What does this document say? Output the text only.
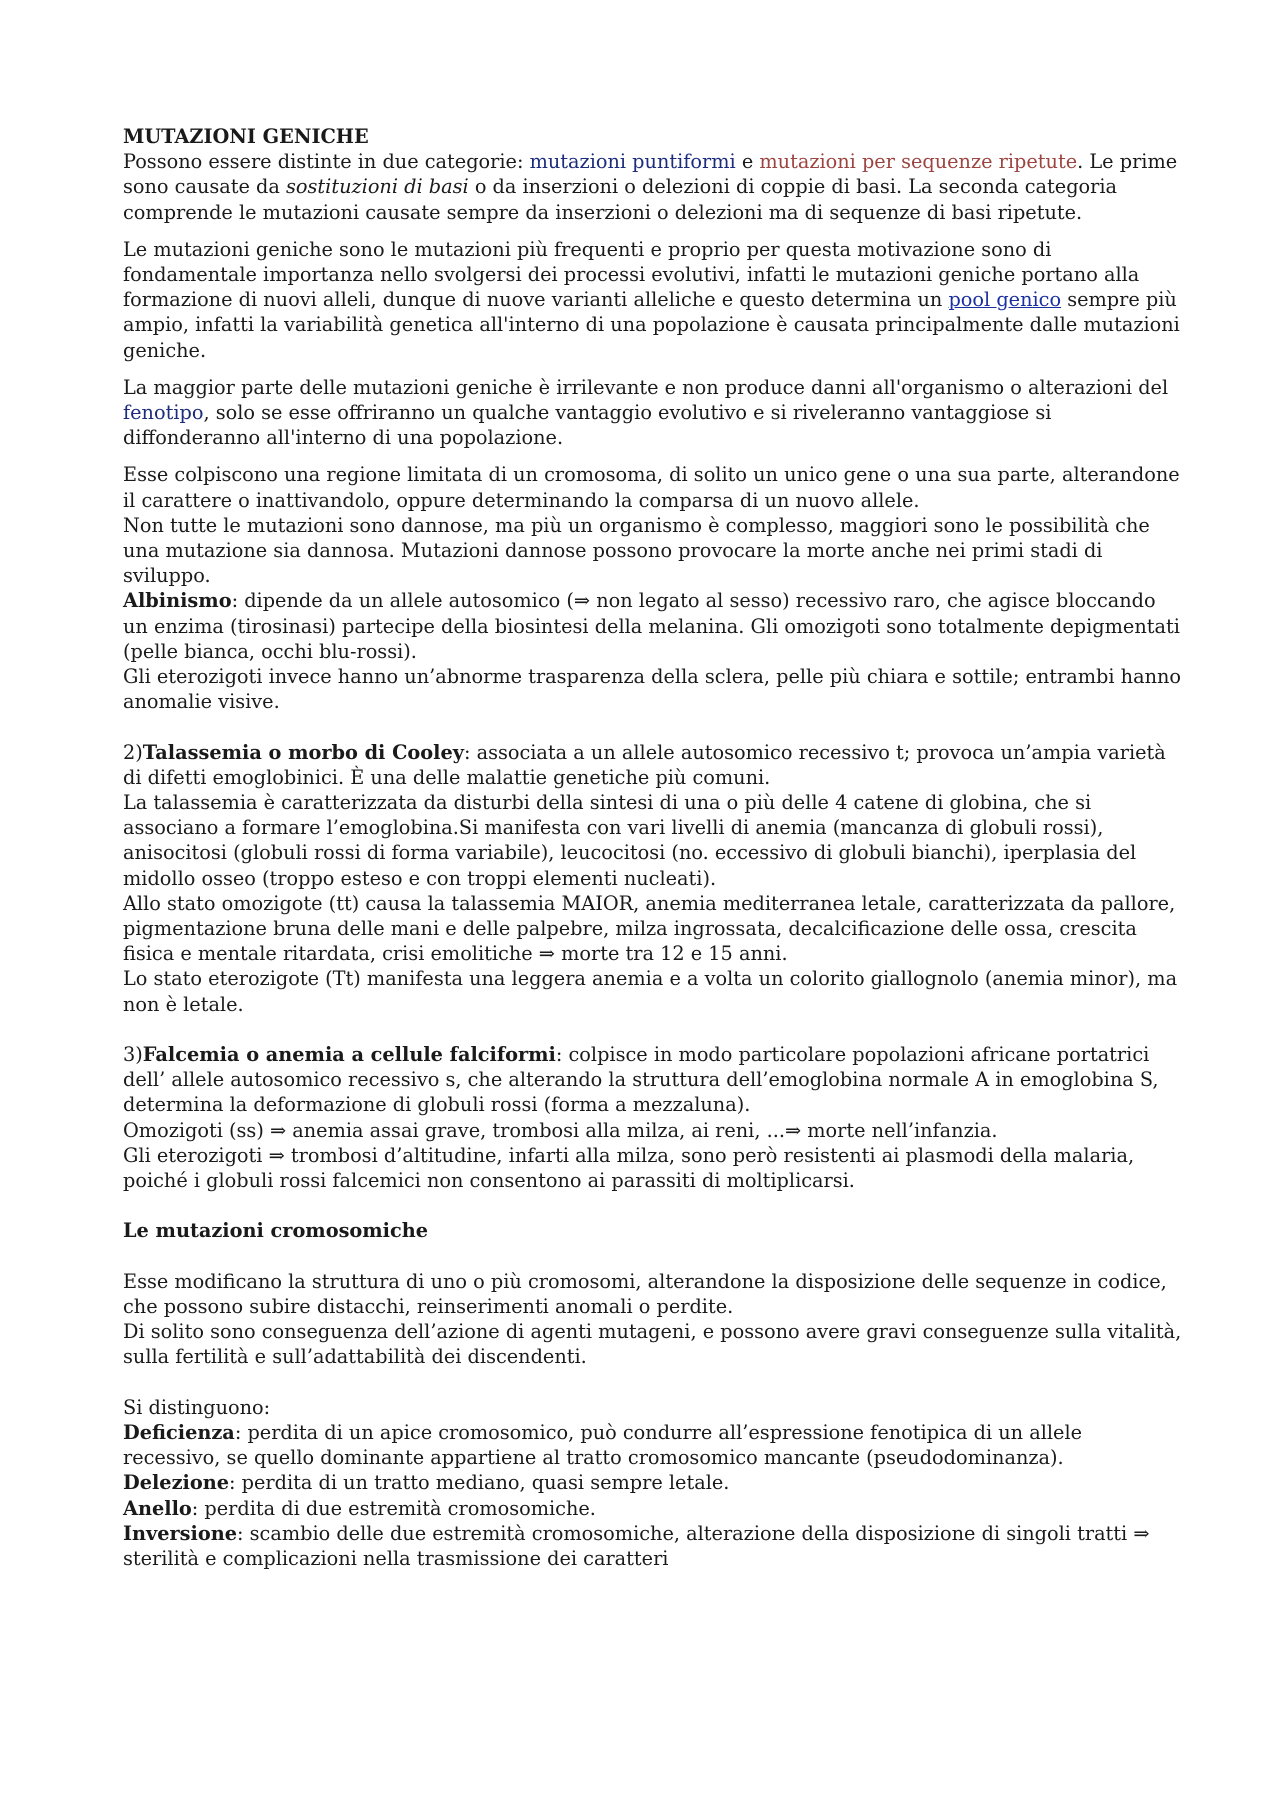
MUTAZIONI GENICHE

Possono essere distinte in due categorie: mutazioni puntiformi e mutazioni per sequenze ripetute. Le prime sono causate da sostituzioni di basi o da inserzioni o delezioni di coppie di basi. La seconda categoria comprende le mutazioni causate sempre da inserzioni o delezioni ma di sequenze di basi ripetute.

Le mutazioni geniche sono le mutazioni più frequenti e proprio per questa motivazione sono di fondamentale importanza nello svolgersi dei processi evolutivi, infatti le mutazioni geniche portano alla formazione di nuovi alleli, dunque di nuove varianti alleliche e questo determina un pool genico sempre più ampio, infatti la variabilità genetica all'interno di una popolazione è causata principalmente dalle mutazioni geniche.

La maggior parte delle mutazioni geniche è irrilevante e non produce danni all'organismo o alterazioni del fenotipo, solo se esse offriranno un qualche vantaggio evolutivo e si riveleranno vantaggiose si diffonderanno all'interno di una popolazione.

Esse colpiscono una regione limitata di un cromosoma, di solito un unico gene o una sua parte, alterandone il carattere o inattivandolo, oppure determinando la comparsa di un nuovo allele.

Non tutte le mutazioni sono dannose, ma più un organismo è complesso, maggiori sono le possibilità che una mutazione sia dannosa. Mutazioni dannose possono provocare la morte anche nei primi stadi di sviluppo.

Albinismo: dipende da un allele autosomico (⇒ non legato al sesso) recessivo raro, che agisce bloccando un enzima (tirosinasi) partecipe della biosintesi della melanina. Gli omozigoti sono totalmente depigmentati (pelle bianca, occhi blu-rossi).

Gli eterozigoti invece hanno un’abnorme trasparenza della sclera, pelle più chiara e sottile; entrambi hanno anomalie visive.

2)Talassemia o morbo di Cooley: associata a un allele autosomico recessivo t; provoca un’ampia varietà di difetti emoglobinici. È una delle malattie genetiche più comuni.

La talassemia è caratterizzata da disturbi della sintesi di una o più delle 4 catene di globina, che si associano a formare l’emoglobina.Si manifesta con vari livelli di anemia (mancanza di globuli rossi), anisocitosi (globuli rossi di forma variabile), leucocitosi (no. eccessivo di globuli bianchi), iperplasia del midollo osseo (troppo esteso e con troppi elementi nucleati).

Allo stato omozigote (tt) causa la talassemia MAIOR, anemia mediterranea letale, caratterizzata da pallore, pigmentazione bruna delle mani e delle palpebre, milza ingrossata, decalcificazione delle ossa, crescita fisica e mentale ritardata, crisi emolitiche ⇒ morte tra 12 e 15 anni.

Lo stato eterozigote (Tt) manifesta una leggera anemia e a volta un colorito giallognolo (anemia minor), ma non è letale.

3)Falcemia o anemia a cellule falciformi: colpisce in modo particolare popolazioni africane portatrici dell’ allele autosomico recessivo s, che alterando la struttura dell’emoglobina normale A in emoglobina S, determina la deformazione di globuli rossi (forma a mezzaluna).

Omozigoti (ss) ⇒ anemia assai grave, trombosi alla milza, ai reni, ...⇒ morte nell’infanzia.

Gli eterozigoti ⇒ trombosi d’altitudine, infarti alla milza, sono però resistenti ai plasmodi della malaria, poiché i globuli rossi falcemici non consentono ai parassiti di moltiplicarsi.

Le mutazioni cromosomiche

Esse modificano la struttura di uno o più cromosomi, alterandone la disposizione delle sequenze in codice, che possono subire distacchi, reinserimenti anomali o perdite.

Di solito sono conseguenza dell’azione di agenti mutageni, e possono avere gravi conseguenze sulla vitalità, sulla fertilità e sull’adattabilità dei discendenti.

Si distinguono:

Deficienza: perdita di un apice cromosomico, può condurre all’espressione fenotipica di un allele recessivo, se quello dominante appartiene al tratto cromosomico mancante (pseudodominanza).

Delezione: perdita di un tratto mediano, quasi sempre letale.

Anello: perdita di due estremità cromosomiche.

Inversione: scambio delle due estremità cromosomiche, alterazione della disposizione di singoli tratti ⇒ sterilità e complicazioni nella trasmissione dei caratteri
